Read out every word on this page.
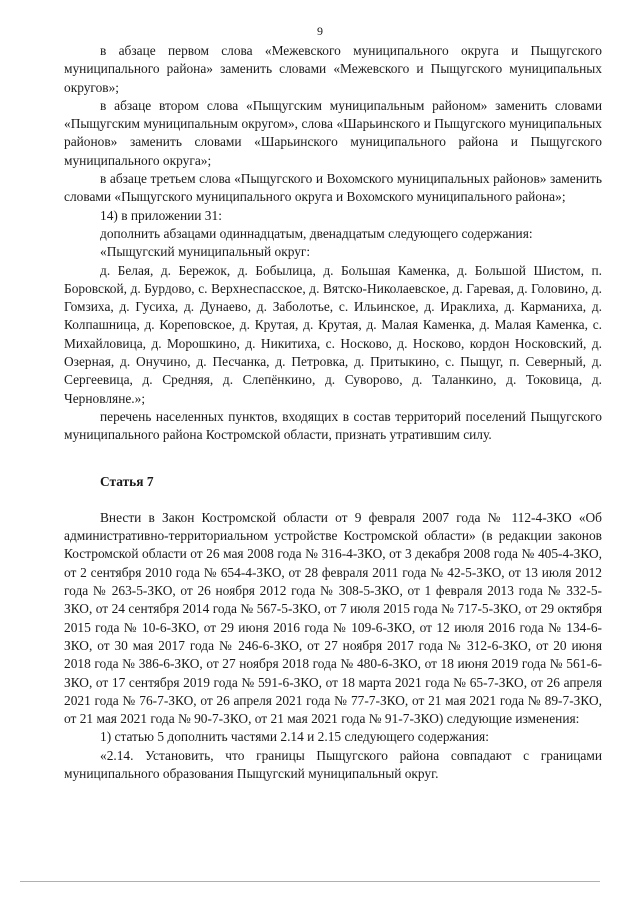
9

в абзаце первом слова «Межевского муниципального округа и Пыщугского муниципального района» заменить словами «Межевского и Пыщугского муниципальных округов»;

в абзаце втором слова «Пыщугским муниципальным районом» заменить словами «Пыщугским муниципальным округом», слова «Шарьинского и Пыщугского муниципальных районов» заменить словами «Шарьинского муниципального района и Пыщугского муниципального округа»;

в абзаце третьем слова «Пыщугского и Вохомского муниципальных районов» заменить словами «Пыщугского муниципального округа и Вохомского муниципального района»;

14) в приложении 31:

дополнить абзацами одиннадцатым, двенадцатым следующего содержания:

«Пыщугский муниципальный округ:

д. Белая, д. Бережок, д. Бобылица, д. Большая Каменка, д. Большой Шистом, п. Боровской, д. Бурдово, с. Верхнеспасское, д. Вятско-Николаевское, д. Гаревая, д. Головино, д. Гомзиха, д. Гусиха, д. Дунаево, д. Заболотье, с. Ильинское, д. Ираклиха, д. Карманиха, д. Колпашница, д. Кореповское, д. Крутая, д. Крутая, д. Малая Каменка, д. Малая Каменка, с. Михайловица, д. Морошкино, д. Никитиха, с. Носково, д. Носково, кордон Носковский, д. Озерная, д. Онучино, д. Песчанка, д. Петровка, д. Притыкино, с. Пыщуг, п. Северный, д. Сергеевица, д. Средняя, д. Слепёнкино, д. Суворово, д. Таланкино, д. Токовица, д. Черновляне.»;

перечень населенных пунктов, входящих в состав территорий поселений Пыщугского муниципального района Костромской области, признать утратившим силу.

Статья 7

Внести в Закон Костромской области от 9 февраля 2007 года № 112-4-ЗКО «Об административно-территориальном устройстве Костромской области» (в редакции законов Костромской области от 26 мая 2008 года № 316-4-ЗКО, от 3 декабря 2008 года № 405-4-ЗКО, от 2 сентября 2010 года № 654-4-ЗКО, от 28 февраля 2011 года № 42-5-ЗКО, от 13 июля 2012 года № 263-5-ЗКО, от 26 ноября 2012 года № 308-5-ЗКО, от 1 февраля 2013 года № 332-5-ЗКО, от 24 сентября 2014 года № 567-5-ЗКО, от 7 июля 2015 года № 717-5-ЗКО, от 29 октября 2015 года № 10-6-ЗКО, от 29 июня 2016 года № 109-6-ЗКО, от 12 июля 2016 года № 134-6-ЗКО, от 30 мая 2017 года № 246-6-ЗКО, от 27 ноября 2017 года № 312-6-ЗКО, от 20 июня 2018 года № 386-6-ЗКО, от 27 ноября 2018 года № 480-6-ЗКО, от 18 июня 2019 года № 561-6-ЗКО, от 17 сентября 2019 года № 591-6-ЗКО, от 18 марта 2021 года № 65-7-ЗКО, от 26 апреля 2021 года № 76-7-ЗКО, от 26 апреля 2021 года № 77-7-ЗКО, от 21 мая 2021 года № 89-7-ЗКО, от 21 мая 2021 года № 90-7-ЗКО, от 21 мая 2021 года № 91-7-ЗКО) следующие изменения:

1) статью 5 дополнить частями 2.14 и 2.15 следующего содержания:

«2.14. Установить, что границы Пыщугского района совпадают с границами муниципального образования Пыщугский муниципальный округ.
